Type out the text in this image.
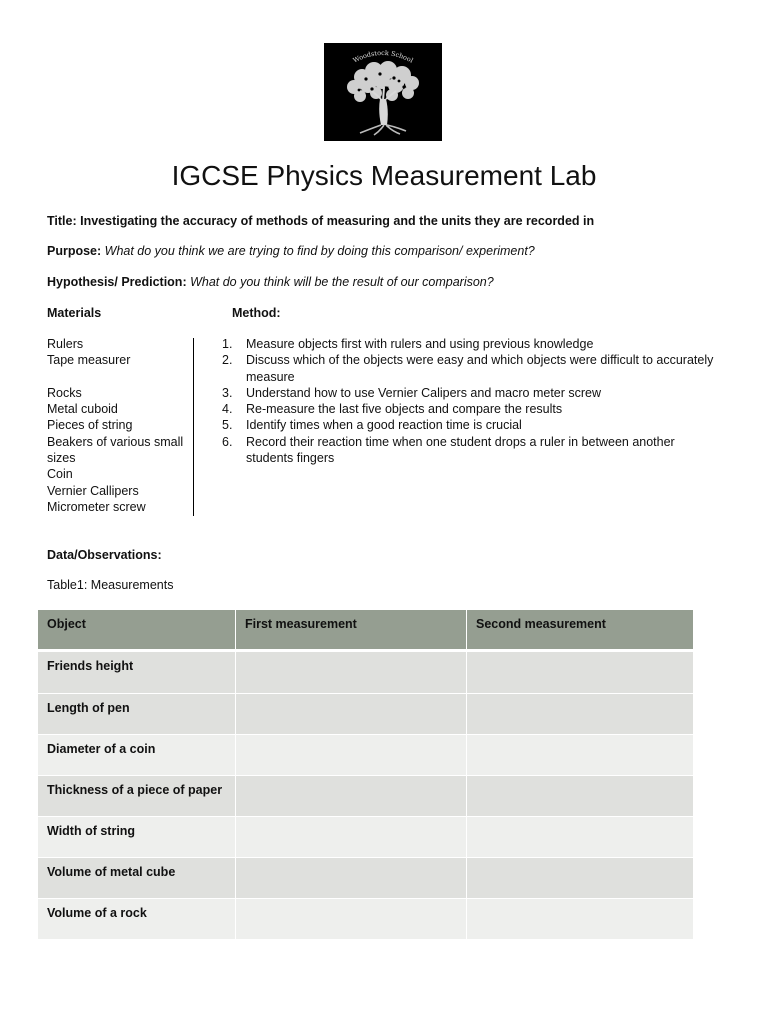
Woodstock School
IGCSE Physics Measurement Lab
Title: Investigating the accuracy of methods of measuring and the units they are recorded in
Purpose: What do you think we are trying to find by doing this comparison/ experiment?
Hypothesis/ Prediction: What do you think will be the result of our comparison?
Materials	Method:
Rulers
Tape measurer
Rocks
Metal cuboid
Pieces of string
Beakers of various small sizes
Coin
Vernier Callipers
Micrometer screw
1. Measure objects first with rulers and using previous knowledge
2. Discuss which of the objects were easy and which objects were difficult to accurately measure
3. Understand how to use Vernier Calipers and macro meter screw
4. Re-measure the last five objects and compare the results
5. Identify times when a good reaction time is crucial
6. Record their reaction time when one student drops a ruler in between another students fingers
Data/Observations:
Table1: Measurements
Object	First measurement	Second measurement
Friends height		
Length of pen		
Diameter of a coin		
Thickness of a piece of paper		
Width of string		
Volume of metal cube		
Volume of a rock		
